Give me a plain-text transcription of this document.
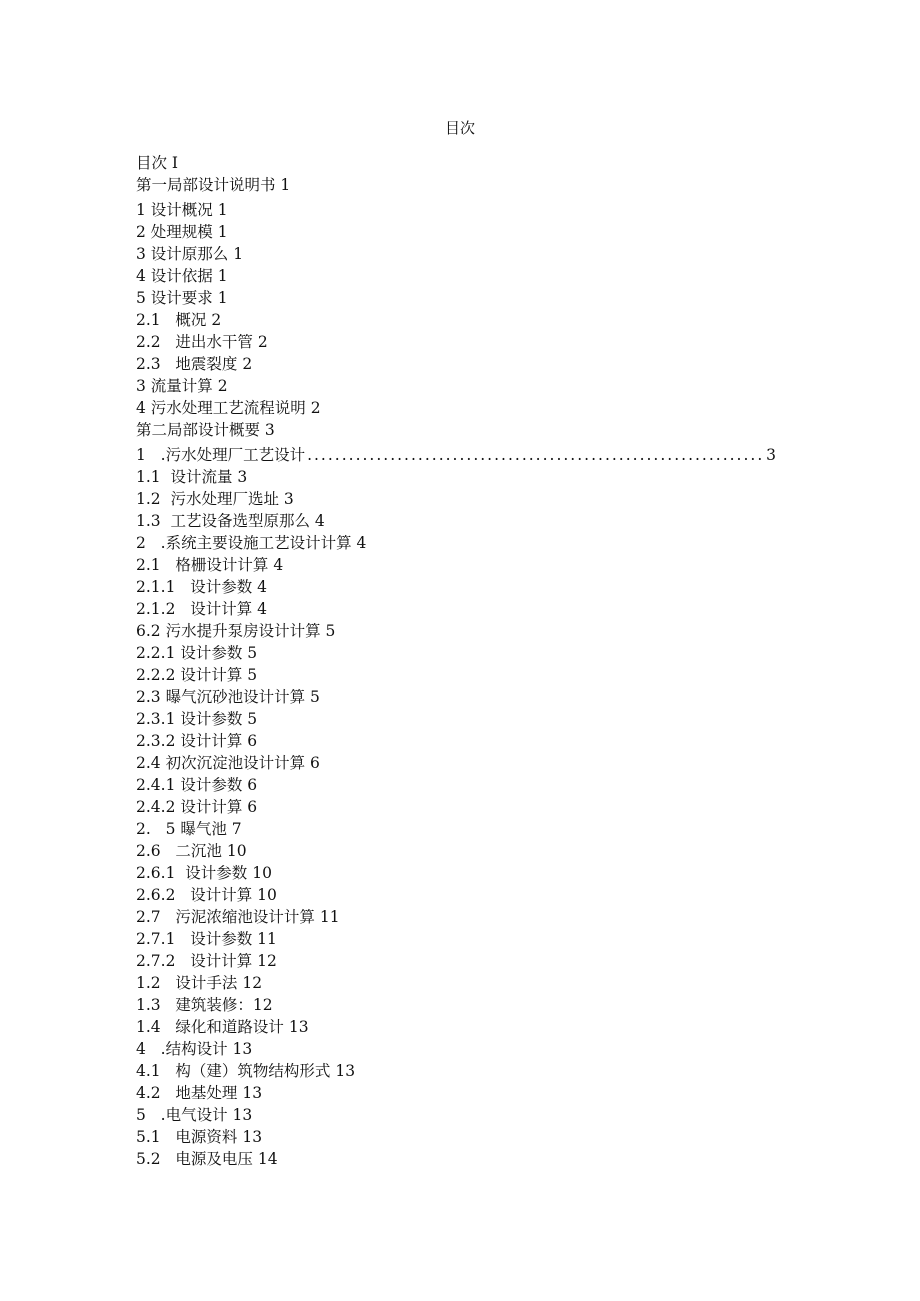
目次
目次 I
第一局部设计说明书 1
1 设计概况 1
2 处理规模 1
3 设计原那么 1
4 设计依据 1
5 设计要求 1
2.1   概况 2
2.2   进出水干管 2
2.3   地震裂度 2
3 流量计算 2
4 污水处理工艺流程说明 2
第二局部设计概要 3
1   .污水处理厂工艺设计
.....	3
1.1  设计流量 3
1.2  污水处理厂选址 3
1.3  工艺设备选型原那么 4
2   .系统主要设施工艺设计计算 4
2.1   格栅设计计算 4
2.1.1   设计参数 4
2.1.2   设计计算 4
6.2 污水提升泵房设计计算 5
2.2.1 设计参数 5
2.2.2 设计计算 5
2.3 曝气沉砂池设计计算 5
2.3.1 设计参数 5
2.3.2 设计计算 6
2.4 初次沉淀池设计计算 6
2.4.1 设计参数 6
2.4.2 设计计算 6
2.   5 曝气池 7
2.6   二沉池 10
2.6.1  设计参数 10
2.6.2   设计计算 10
2.7   污泥浓缩池设计计算 11
2.7.1   设计参数 11
2.7.2   设计计算 12
1.2   设计手法 12
1.3   建筑装修：12
1.4   绿化和道路设计 13
4   .结构设计 13
4.1   构（建）筑物结构形式 13
4.2   地基处理 13
5   .电气设计 13
5.1   电源资料 13
5.2   电源及电压 14
